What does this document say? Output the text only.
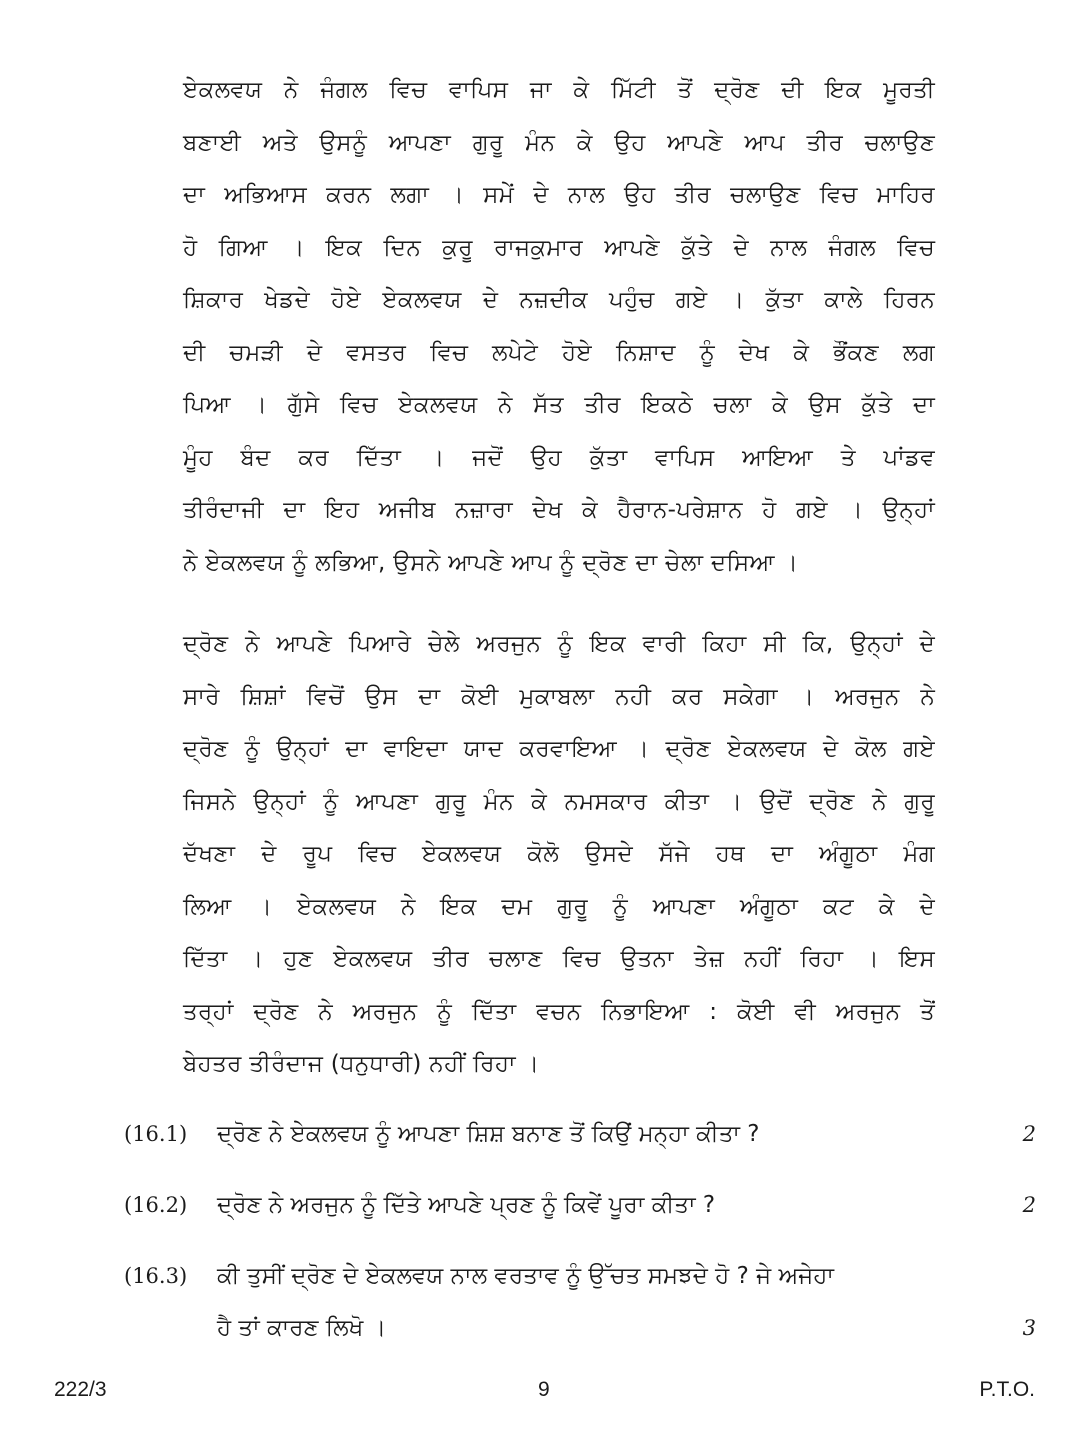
ਏਕਲਵਯ ਨੇ ਜੰਗਲ ਵਿਚ ਵਾਪਿਸ ਜਾ ਕੇ ਮਿੱਟੀ ਤੋਂ ਦ੍ਰੋਣ ਦੀ ਇਕ ਮੂਰਤੀ
ਬਣਾਈ ਅਤੇ ਉਸਨੂੰ ਆਪਣਾ ਗੁਰੂ ਮੰਨ ਕੇ ਉਹ ਆਪਣੇ ਆਪ ਤੀਰ ਚਲਾਉਣ
ਦਾ ਅਭਿਆਸ ਕਰਨ ਲਗਾ । ਸਮੇਂ ਦੇ ਨਾਲ ਉਹ ਤੀਰ ਚਲਾਉਣ ਵਿਚ ਮਾਹਿਰ
ਹੋ ਗਿਆ । ਇਕ ਦਿਨ ਕੁਰੂ ਰਾਜਕੁਮਾਰ ਆਪਣੇ ਕੁੱਤੇ ਦੇ ਨਾਲ ਜੰਗਲ ਵਿਚ
ਸ਼ਿਕਾਰ ਖੇਡਦੇ ਹੋਏ ਏਕਲਵਯ ਦੇ ਨਜ਼ਦੀਕ ਪਹੁੰਚ ਗਏ । ਕੁੱਤਾ ਕਾਲੇ ਹਿਰਨ
ਦੀ ਚਮੜੀ ਦੇ ਵਸਤਰ ਵਿਚ ਲਪੇਟੇ ਹੋਏ ਨਿਸ਼ਾਦ ਨੂੰ ਦੇਖ ਕੇ ਭੌਂਕਣ ਲਗ
ਪਿਆ । ਗੁੱਸੇ ਵਿਚ ਏਕਲਵਯ ਨੇ ਸੱਤ ਤੀਰ ਇਕਠੇ ਚਲਾ ਕੇ ਉਸ ਕੁੱਤੇ ਦਾ
ਮੂੰਹ ਬੰਦ ਕਰ ਦਿੱਤਾ । ਜਦੋਂ ਉਹ ਕੁੱਤਾ ਵਾਪਿਸ ਆਇਆ ਤੇ ਪਾਂਡਵ
ਤੀਰੰਦਾਜੀ ਦਾ ਇਹ ਅਜੀਬ ਨਜ਼ਾਰਾ ਦੇਖ ਕੇ ਹੈਰਾਨ-ਪਰੇਸ਼ਾਨ ਹੋ ਗਏ । ਉਨ੍ਹਾਂ
ਨੇ ਏਕਲਵਯ ਨੂੰ ਲਭਿਆ, ਉਸਨੇ ਆਪਣੇ ਆਪ ਨੂੰ ਦ੍ਰੋਣ ਦਾ ਚੇਲਾ ਦਸਿਆ ।
ਦ੍ਰੋਣ ਨੇ ਆਪਣੇ ਪਿਆਰੇ ਚੇਲੇ ਅਰਜੁਨ ਨੂੰ ਇਕ ਵਾਰੀ ਕਿਹਾ ਸੀ ਕਿ, ਉਨ੍ਹਾਂ ਦੇ
ਸਾਰੇ ਸ਼ਿਸ਼ਾਂ ਵਿਚੋਂ ਉਸ ਦਾ ਕੋਈ ਮੁਕਾਬਲਾ ਨਹੀ ਕਰ ਸਕੇਗਾ । ਅਰਜੁਨ ਨੇ
ਦ੍ਰੋਣ ਨੂੰ ਉਨ੍ਹਾਂ ਦਾ ਵਾਇਦਾ ਯਾਦ ਕਰਵਾਇਆ । ਦ੍ਰੋਣ ਏਕਲਵਯ ਦੇ ਕੋਲ ਗਏ
ਜਿਸਨੇ ਉਨ੍ਹਾਂ ਨੂੰ ਆਪਣਾ ਗੁਰੂ ਮੰਨ ਕੇ ਨਮਸਕਾਰ ਕੀਤਾ । ਉਦੋਂ ਦ੍ਰੋਣ ਨੇ ਗੁਰੂ
ਦੱਖਣਾ ਦੇ ਰੂਪ ਵਿਚ ਏਕਲਵਯ ਕੋਲੋ ਉਸਦੇ ਸੱਜੇ ਹਥ ਦਾ ਅੰਗੂਠਾ ਮੰਗ
ਲਿਆ । ਏਕਲਵਯ ਨੇ ਇਕ ਦਮ ਗੁਰੂ ਨੂੰ ਆਪਣਾ ਅੰਗੂਠਾ ਕਟ ਕੇ ਦੇ
ਦਿੱਤਾ । ਹੁਣ ਏਕਲਵਯ ਤੀਰ ਚਲਾਣ ਵਿਚ ਉਤਨਾ ਤੇਜ਼ ਨਹੀਂ ਰਿਹਾ । ਇਸ
ਤਰ੍ਹਾਂ ਦ੍ਰੋਣ ਨੇ ਅਰਜੁਨ ਨੂੰ ਦਿੱਤਾ ਵਚਨ ਨਿਭਾਇਆ : ਕੋਈ ਵੀ ਅਰਜੁਨ ਤੋਂ
ਬੇਹਤਰ ਤੀਰੰਦਾਜ (ਧਨੁਧਾਰੀ) ਨਹੀਂ ਰਿਹਾ ।
(16.1) ਦ੍ਰੋਣ ਨੇ ਏਕਲਵਯ ਨੂੰ ਆਪਣਾ ਸ਼ਿਸ਼ ਬਨਾਣ ਤੋਂ ਕਿਉਂ ਮਨ੍ਹਾ ਕੀਤਾ ?	2
(16.2) ਦ੍ਰੋਣ ਨੇ ਅਰਜੁਨ ਨੂੰ ਦਿੱਤੇ ਆਪਣੇ ਪ੍ਰਣ ਨੂੰ ਕਿਵੇਂ ਪੂਰਾ ਕੀਤਾ ?	2
(16.3) ਕੀ ਤੁਸੀਂ ਦ੍ਰੋਣ ਦੇ ਏਕਲਵਯ ਨਾਲ ਵਰਤਾਵ ਨੂੰ ਉੱਚਤ ਸਮਝਦੇ ਹੋ ? ਜੇ ਅਜੇਹਾ
ਹੈ ਤਾਂ ਕਾਰਣ ਲਿਖੋ ।	3
222/3	9	P.T.O.
